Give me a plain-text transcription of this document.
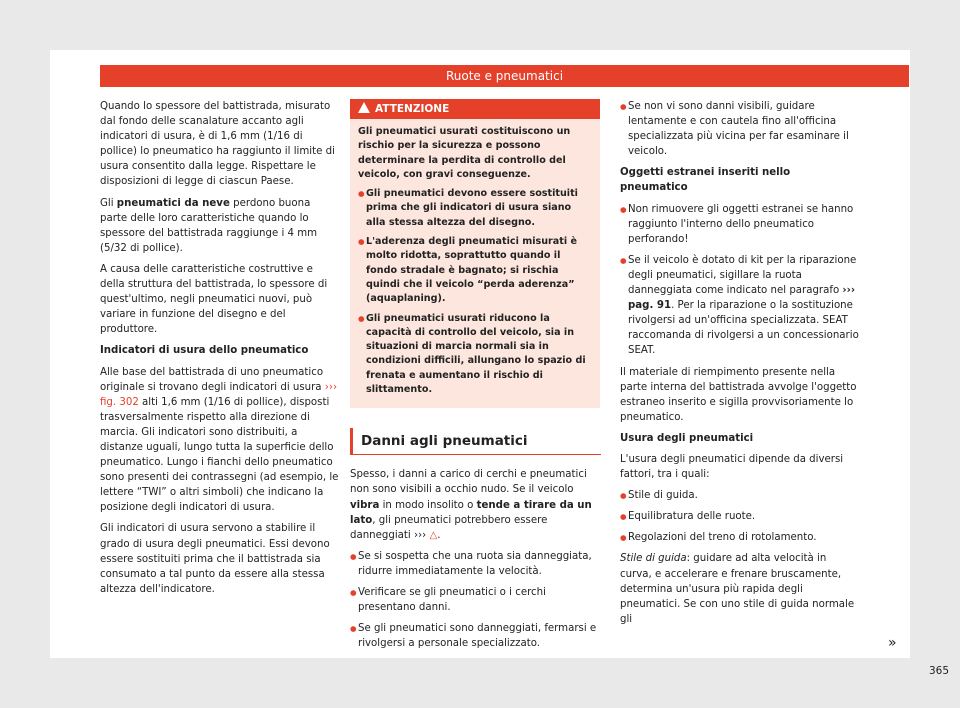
Ruote e pneumatici

Quando lo spessore del battistrada, misurato dal fondo delle scanalature accanto agli indicatori di usura, è di 1,6 mm (1/16 di pollice) lo pneumatico ha raggiunto il limite di usura consentito dalla legge. Rispettare le disposizioni di legge di ciascun Paese.

Gli pneumatici da neve perdono buona parte delle loro caratteristiche quando lo spessore del battistrada raggiunge i 4 mm (5/32 di pollice).

A causa delle caratteristiche costruttive e della struttura del battistrada, lo spessore di quest'ultimo, negli pneumatici nuovi, può variare in funzione del disegno e del produttore.

Indicatori di usura dello pneumatico

Alle base del battistrada di uno pneumatico originale si trovano degli indicatori di usura ››› fig. 302 alti 1,6 mm (1/16 di pollice), disposti trasversalmente rispetto alla direzione di marcia. Gli indicatori sono distribuiti, a distanze uguali, lungo tutta la superficie dello pneumatico. Lungo i fianchi dello pneumatico sono presenti dei contrassegni (ad esempio, le lettere “TWI” o altri simboli) che indicano la posizione degli indicatori di usura.

Gli indicatori di usura servono a stabilire il grado di usura degli pneumatici. Essi devono essere sostituiti prima che il battistrada sia consumato a tal punto da essere alla stessa altezza dell'indicatore.

ATTENZIONE

Gli pneumatici usurati costituiscono un rischio per la sicurezza e possono determinare la perdita di controllo del veicolo, con gravi conseguenze.

● Gli pneumatici devono essere sostituiti prima che gli indicatori di usura siano alla stessa altezza del disegno.

● L'aderenza degli pneumatici misurati è molto ridotta, soprattutto quando il fondo stradale è bagnato; si rischia quindi che il veicolo “perda aderenza” (aquaplaning).

● Gli pneumatici usurati riducono la capacità di controllo del veicolo, sia in situazioni di marcia normali sia in condizioni difficili, allungano lo spazio di frenata e aumentano il rischio di slittamento.

Danni agli pneumatici

Spesso, i danni a carico di cerchi e pneumatici non sono visibili a occhio nudo. Se il veicolo vibra in modo insolito o tende a tirare da un lato, gli pneumatici potrebbero essere danneggiati ››› △.

● Se si sospetta che una ruota sia danneggiata, ridurre immediatamente la velocità.

● Verificare se gli pneumatici o i cerchi presentano danni.

● Se gli pneumatici sono danneggiati, fermarsi e rivolgersi a personale specializzato.

● Se non vi sono danni visibili, guidare lentamente e con cautela fino all'officina specializzata più vicina per far esaminare il veicolo.

Oggetti estranei inseriti nello pneumatico

● Non rimuovere gli oggetti estranei se hanno raggiunto l'interno dello pneumatico perforando!

● Se il veicolo è dotato di kit per la riparazione degli pneumatici, sigillare la ruota danneggiata come indicato nel paragrafo ››› pag. 91. Per la riparazione o la sostituzione rivolgersi ad un'officina specializzata. SEAT raccomanda di rivolgersi a un concessionario SEAT.

Il materiale di riempimento presente nella parte interna del battistrada avvolge l'oggetto estraneo inserito e sigilla provvisoriamente lo pneumatico.

Usura degli pneumatici

L'usura degli pneumatici dipende da diversi fattori, tra i quali:

● Stile di guida.

● Equilibratura delle ruote.

● Regolazioni del treno di rotolamento.

Stile di guida: guidare ad alta velocità in curva, e accelerare e frenare bruscamente, determina un'usura più rapida degli pneumatici. Se con uno stile di guida normale gli

»
365
